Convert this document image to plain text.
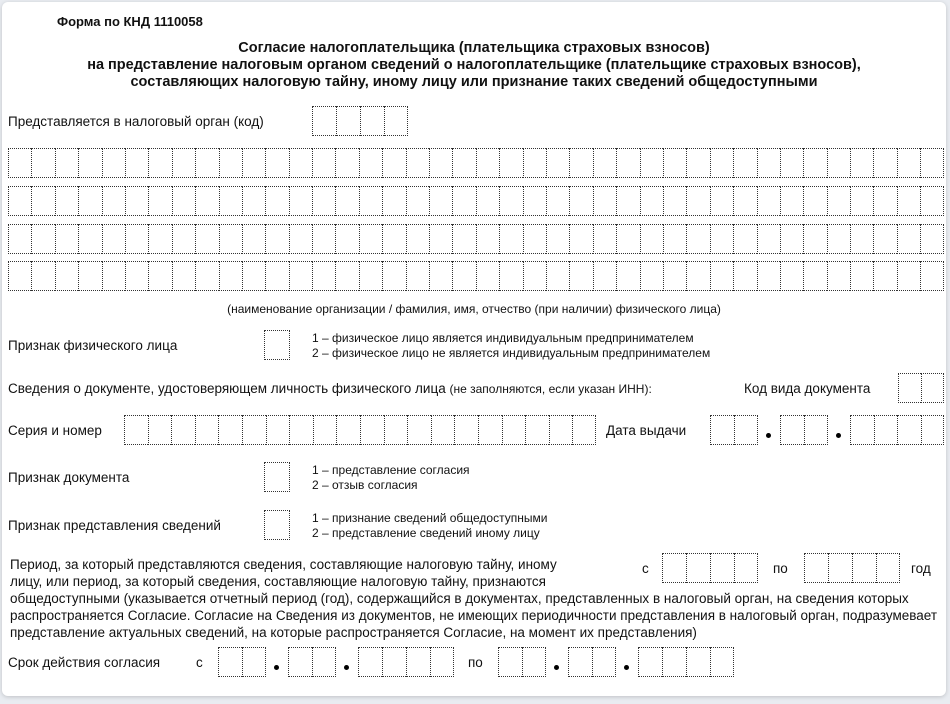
Форма по КНД 1110058
Согласие налогоплательщика (плательщика страховых взносов)
на представление налоговым органом сведений о налогоплательщике (плательщике страховых взносов),
составляющих налоговую тайну, иному лицу или признание таких сведений общедоступными
Представляется в налоговый орган (код)
(наименование организации / фамилия, имя, отчество (при наличии) физического лица)
Признак физического лица	1 – физическое лицо является индивидуальным предпринимателем
2 – физическое лицо не является индивидуальным предпринимателем
Сведения о документе, удостоверяющем личность физического лица (не заполняются, если указан ИНН):	Код вида документа
Серия и номер	Дата выдачи
Признак документа	1 – представление согласия
2 – отзыв согласия
Признак представления сведений	1 – признание сведений общедоступными
2 – представление сведений иному лицу
Период, за который представляются сведения, составляющие налоговую тайну, иному
лицу, или период, за который сведения, составляющие налоговую тайну, признаются
общедоступными (указывается отчетный период (год), содержащийся в документах, представленных в налоговый орган, на сведения которых распространяется Согласие. Согласие на Сведения из документов, не имеющих периодичности представления в налоговый орган, подразумевает представление актуальных сведений, на которые распространяется Согласие, на момент их представления)
с	по	год
Срок действия согласия	с	по
